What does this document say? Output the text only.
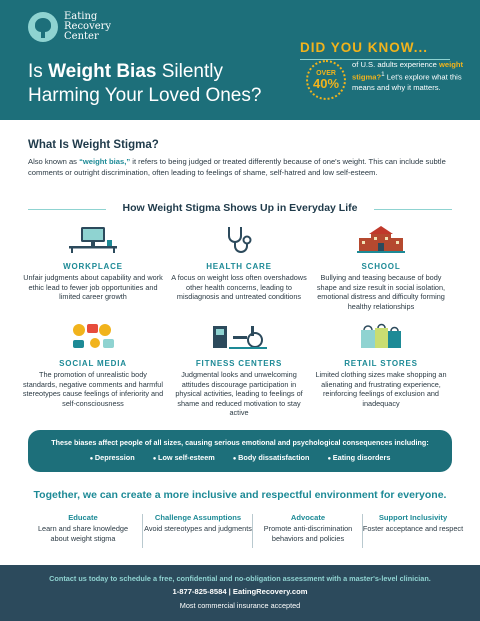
Eating
Recovery
Center
Is Weight Bias Silently Harming Your Loved Ones?
DID YOU KNOW...
OVER
40%
of U.S. adults experience weight stigma?$^1$ Let's explore what this means and why it matters.
What Is Weight Stigma?

Also known as “weight bias,” it refers to being judged or treated differently because of one's weight. This can include subtle comments or outright discrimination, often leading to feelings of shame, self-hatred and low self-esteem.

How Weight Stigma Shows Up in Everyday Life
WORKPLACE
Unfair judgments about capability and work ethic lead to fewer job opportunities and limited career growth
HEALTH CARE
A focus on weight loss often overshadows other health concerns, leading to misdiagnosis and untreated conditions
SCHOOL
Bullying and teasing because of body shape and size result in social isolation, emotional distress and difficulty forming healthy relationships
SOCIAL MEDIA
The promotion of unrealistic body standards, negative comments and harmful stereotypes cause feelings of inferiority and self-consciousness
FITNESS CENTERS
Judgmental looks and unwelcoming attitudes discourage participation in physical activities, leading to feelings of shame and reduced motivation to stay active
RETAIL STORES
Limited clothing sizes make shopping an alienating and frustrating experience, reinforcing feelings of exclusion and inadequacy
These biases affect people of all sizes, causing serious emotional and psychological consequences including:
● Depression	● Low self-esteem	● Body dissatisfaction	● Eating disorders
Together, we can create a more inclusive and respectful environment for everyone.
Educate
Learn and share knowledge about weight stigma
Challenge Assumptions
Avoid stereotypes and judgments
Advocate
Promote anti-discrimination behaviors and policies
Support Inclusivity
Foster acceptance and respect
Contact us today to schedule a free, confidential and no-obligation assessment with a master's-level clinician.
1-877-825-8584 | EatingRecovery.com
Most commercial insurance accepted
